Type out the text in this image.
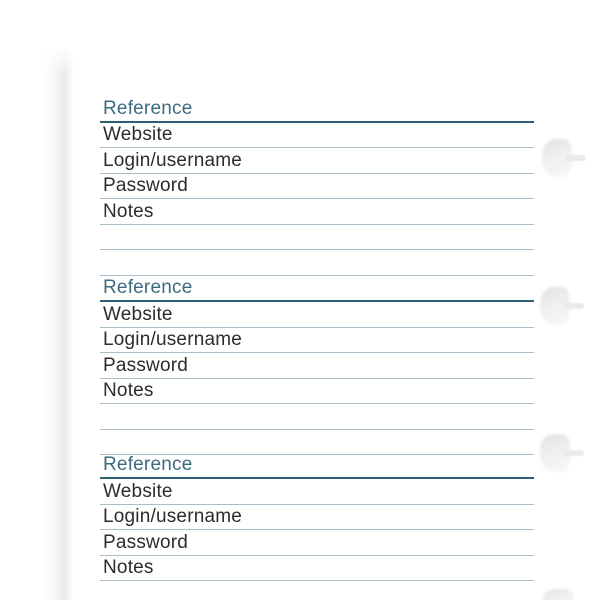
Reference
Website
Login/username
Password
Notes
Reference
Website
Login/username
Password
Notes
Reference
Website
Login/username
Password
Notes
